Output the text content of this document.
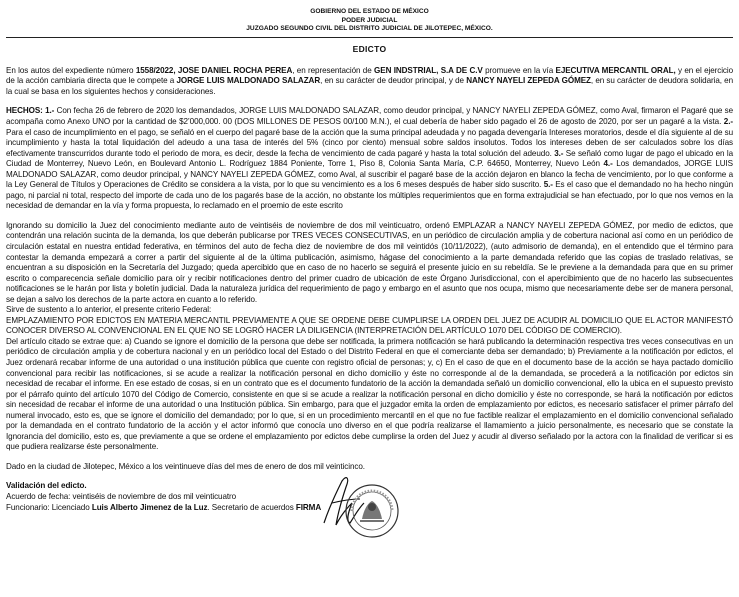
GOBIERNO DEL ESTADO DE MÉXICO
PODER JUDICIAL
JUZGADO SEGUNDO CIVIL DEL DISTRITO JUDICIAL DE JILOTEPEC, MÉXICO.
EDICTO

En los autos del expediente número 1558/2022, JOSE DANIEL ROCHA PEREA, en representación de GEN INDSTRIAL, S.A DE C.V promueve en la vía EJECUTIVA MERCANTIL ORAL, y en el ejercicio de la acción cambiaria directa que le compete a JORGE LUIS MALDONADO SALAZAR, en su carácter de deudor principal, y de NANCY NAYELI ZEPEDA GÓMEZ, en su carácter de deudora solidaria, en la cual se basa en los siguientes hechos y consideraciones.

HECHOS: 1.- Con fecha 26 de febrero de 2020 los demandados, JORGE LUIS MALDONADO SALAZAR, como deudor principal, y NANCY NAYELI ZEPEDA GÓMEZ, como Aval, firmaron el Pagaré que se acompaña como Anexo UNO por la cantidad de $2’000,000. 00 (DOS MILLONES DE PESOS 00/100 M.N.), el cual debería de haber sido pagado el 26 de agosto de 2020, por ser un pagaré a la vista. 2.- Para el caso de incumplimiento en el pago, se señaló en el cuerpo del pagaré base de la acción que la suma principal adeudada y no pagada devengaría Intereses moratorios, desde el día siguiente al de su incumplimiento y hasta la total liquidación del adeudo a una tasa de interés del 5% (cinco por ciento) mensual sobre saldos insolutos. Todos los intereses deben de ser calculados sobre los días efectivamente transcurridos durante todo el periodo de mora, es decir, desde la fecha de vencimiento de cada pagaré y hasta la total solución del adeudo. 3.- Se señaló como lugar de pago el ubicado en la Ciudad de Monterrey, Nuevo León, en Boulevard Antonio L. Rodríguez 1884 Poniente, Torre 1, Piso 8, Colonia Santa María, C.P. 64650, Monterrey, Nuevo León 4.- Los demandados, JORGE LUIS MALDONADO SALAZAR, como deudor principal, y NANCY NAYELI ZEPEDA GÓMEZ, como Aval, al suscribir el pagaré base de la acción dejaron en blanco la fecha de vencimiento, por lo que conforme a la Ley General de Títulos y Operaciones de Crédito se considera a la vista, por lo que su vencimiento es a los 6 meses después de haber sido suscrito. 5.- Es el caso que el demandado no ha hecho ningún pago, ni parcial ni total, respecto del importe de cada uno de los pagarés base de la acción, no obstante los múltiples requerimientos que en forma extrajudicial se han efectuado, por lo que nos vemos en la necesidad de demandar en la vía y forma propuesta, lo reclamado en el proemio de este escrito

Ignorando su domicilio la Juez del conocimiento mediante auto de veintiséis de noviembre de dos mil veinticuatro, ordenó EMPLAZAR a NANCY NAYELI ZEPEDA GÓMEZ, por medio de edictos, que contendrán una relación sucinta de la demanda, los que deberán publicarse por TRES VECES CONSECUTIVAS, en un periódico de circulación amplia y de cobertura nacional así como en un periódico de circulación estatal en nuestra entidad federativa, en términos del auto de fecha diez de noviembre de dos mil veintidós (10/11/2022), (auto admisorio de demanda), en el entendido que el término para contestar la demanda empezará a correr a partir del siguiente al de la última publicación, asimismo, hágase del conocimiento a la parte demandada referido que las copias de traslado relativas, se encuentran a su disposición en la Secretaría del Juzgado; queda apercibido que en caso de no hacerlo se seguirá el presente juicio en su rebeldía. Se le previene a la demandada para que en su primer escrito o comparecencia señale domicilio para oír y recibir notificaciones dentro del primer cuadro de ubicación de este Órgano Jurisdiccional, con el apercibimiento que de no hacerlo las subsecuentes notificaciones se le harán por lista y boletín judicial. Dada la naturaleza jurídica del requerimiento de pago y embargo en el asunto que nos ocupa, mismo que necesariamente debe ser de manera personal, se dejan a salvo los derechos de la parte actora en cuanto a lo referido.

Sirve de sustento a lo anterior, el presente criterio Federal:

EMPLAZAMIENTO POR EDICTOS EN MATERIA MERCANTIL PREVIAMENTE A QUE SE ORDENE DEBE CUMPLIRSE LA ORDEN DEL JUEZ DE ACUDIR AL DOMICILIO QUE EL ACTOR MANIFESTÓ CONOCER DIVERSO AL CONVENCIONAL EN EL QUE NO SE LOGRÓ HACER LA DILIGENCIA (INTERPRETACIÓN DEL ARTÍCULO 1070 DEL CÓDIGO DE COMERCIO).

Del artículo citado se extrae que: a) Cuando se ignore el domicilio de la persona que debe ser notificada, la primera notificación se hará publicando la determinación respectiva tres veces consecutivas en un periódico de circulación amplia y de cobertura nacional y en un periódico local del Estado o del Distrito Federal en que el comerciante deba ser demandado; b) Previamente a la notificación por edictos, el Juez ordenará recabar informe de una autoridad o una institución pública que cuente con registro oficial de personas; y, c) En el caso de que en el documento base de la acción se haya pactado domicilio convencional para recibir las notificaciones, si se acude a realizar la notificación personal en dicho domicilio y éste no corresponde al de la demandada, se procederá a la notificación por edictos sin necesidad de recabar el informe. En ese estado de cosas, si en un contrato que es el documento fundatorio de la acción la demandada señaló un domicilio convencional, ello la ubica en el supuesto previsto por el párrafo quinto del artículo 1070 del Código de Comercio, consistente en que si se acude a realizar la notificación personal en dicho domicilio y éste no corresponde, se hará la notificación por edictos sin necesidad de recabar el informe de una autoridad o una Institución pública. Sin embargo, para que el juzgador emita la orden de emplazamiento por edictos, es necesario satisfacer el primer párrafo del numeral invocado, esto es, que se ignore el domicilio del demandado; por lo que, si en un procedimiento mercantil en el que no fue factible realizar el emplazamiento en el domicilio convencional señalado por la demandada en el contrato fundatorio de la acción y el actor informó que conocía uno diverso en el que podría realizarse el llamamiento a juicio personalmente, es necesario que se constate la Ignorancia del domicilio, esto es, que previamente a que se ordene el emplazamiento por edictos debe cumplirse la orden del Juez y acudir al diverso señalado por la actora con la finalidad de verificar si es que pudiera realizarse éste personalmente.

Dado en la ciudad de Jilotepec, México a los veintinueve días del mes de enero de dos mil veinticinco.

Validación del edicto.

Acuerdo de fecha: veintiséis de noviembre de dos mil veinticuatro

Funcionario: Licenciado Luis Alberto Jimenez de la Luz. Secretario de acuerdos FIRMA
